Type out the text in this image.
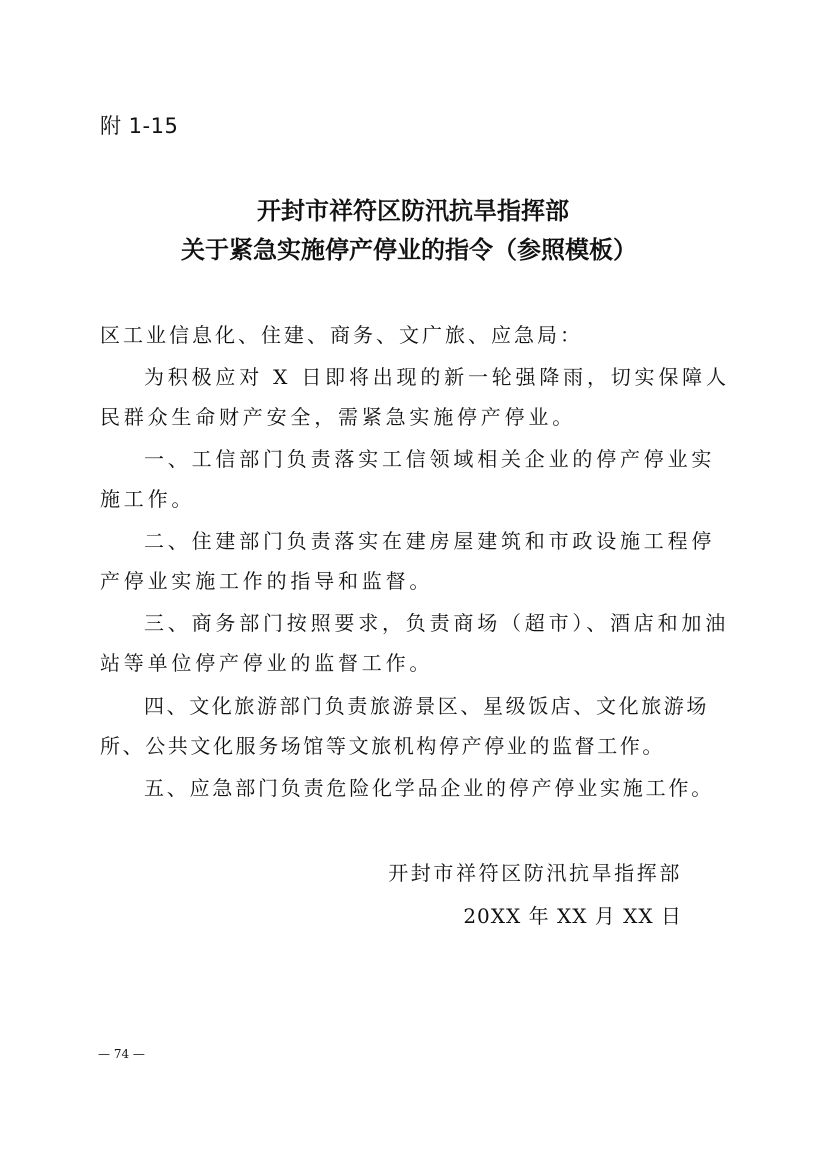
附 1-15
开封市祥符区防汛抗旱指挥部
关于紧急实施停产停业的指令（参照模板）

区工业信息化、住建、商务、文广旅、应急局：

为积极应对 X 日即将出现的新一轮强降雨，切实保障人民群众生命财产安全，需紧急实施停产停业。

一、工信部门负责落实工信领域相关企业的停产停业实施工作。

二、住建部门负责落实在建房屋建筑和市政设施工程停产停业实施工作的指导和监督。

三、商务部门按照要求，负责商场（超市）、酒店和加油站等单位停产停业的监督工作。

四、文化旅游部门负责旅游景区、星级饭店、文化旅游场所、公共文化服务场馆等文旅机构停产停业的监督工作。

五、应急部门负责危险化学品企业的停产停业实施工作。

开封市祥符区防汛抗旱指挥部
20XX 年 XX 月 XX 日
— 74 —
